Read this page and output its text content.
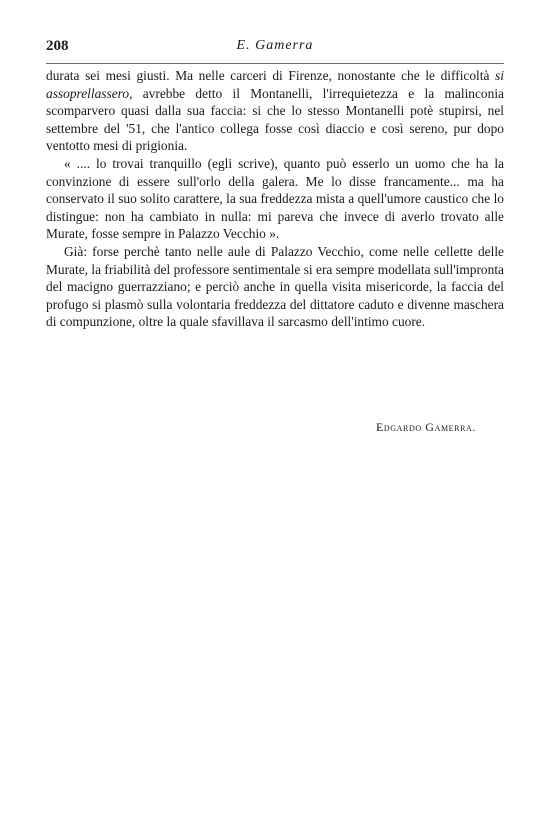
208	E. Gamerra

durata sei mesi giusti. Ma nelle carceri di Firenze, nonostante che le difficoltà si assoprellassero, avrebbe detto il Montanelli, l'irrequietezza e la malinconia scomparvero quasi dalla sua faccia: si che lo stesso Montanelli potè stupirsi, nel settembre del '51, che l'antico collega fosse così diaccio e così sereno, pur dopo ventotto mesi di prigionia.

« .... lo trovai tranquillo (egli scrive), quanto può esserlo un uomo che ha la convinzione di essere sull'orlo della galera. Me lo disse francamente... ma ha conservato il suo solito carattere, la sua freddezza mista a quell'umore caustico che lo distingue: non ha cambiato in nulla: mi pareva che invece di averlo trovato alle Murate, fosse sempre in Palazzo Vecchio ».

Già: forse perchè tanto nelle aule di Palazzo Vecchio, come nelle cellette delle Murate, la friabilità del professore sentimentale si era sempre modellata sull'impronta del macigno guerrazziano; e perciò anche in quella visita misericorde, la faccia del profugo si plasmò sulla volontaria freddezza del dittatore caduto e divenne maschera di compunzione, oltre la quale sfavillava il sarcasmo dell'intimo cuore.

Edgardo Gamerra.
